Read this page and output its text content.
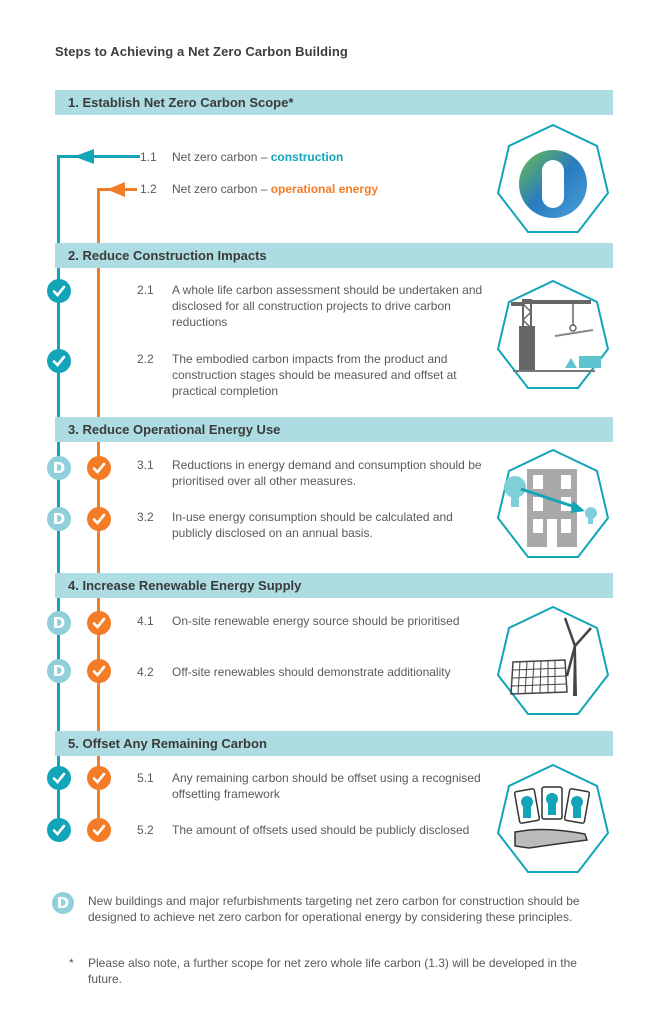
Steps to Achieving a Net Zero Carbon Building
1. Establish Net Zero Carbon Scope*
1.1 Net zero carbon – construction
1.2 Net zero carbon – operational energy
2. Reduce Construction Impacts
2.1 A whole life carbon assessment should be undertaken and disclosed for all construction projects to drive carbon reductions
2.2 The embodied carbon impacts from the product and construction stages should be measured and offset at practical completion
3. Reduce Operational Energy Use
D	3.1 Reductions in energy demand and consumption should be prioritised over all other measures.
D	3.2 In-use energy consumption should be calculated and publicly disclosed on an annual basis.
4. Increase Renewable Energy Supply
D	4.1 On-site renewable energy source should be prioritised
D	4.2 Off-site renewables should demonstrate additionality
5. Offset Any Remaining Carbon
5.1 Any remaining carbon should be offset using a recognised offsetting framework
5.2 The amount of offsets used should be publicly disclosed
D	New buildings and major refurbishments targeting net zero carbon for construction should be designed to achieve net zero carbon for operational energy by considering these principles.
* Please also note, a further scope for net zero whole life carbon (1.3) will be developed in the future.
